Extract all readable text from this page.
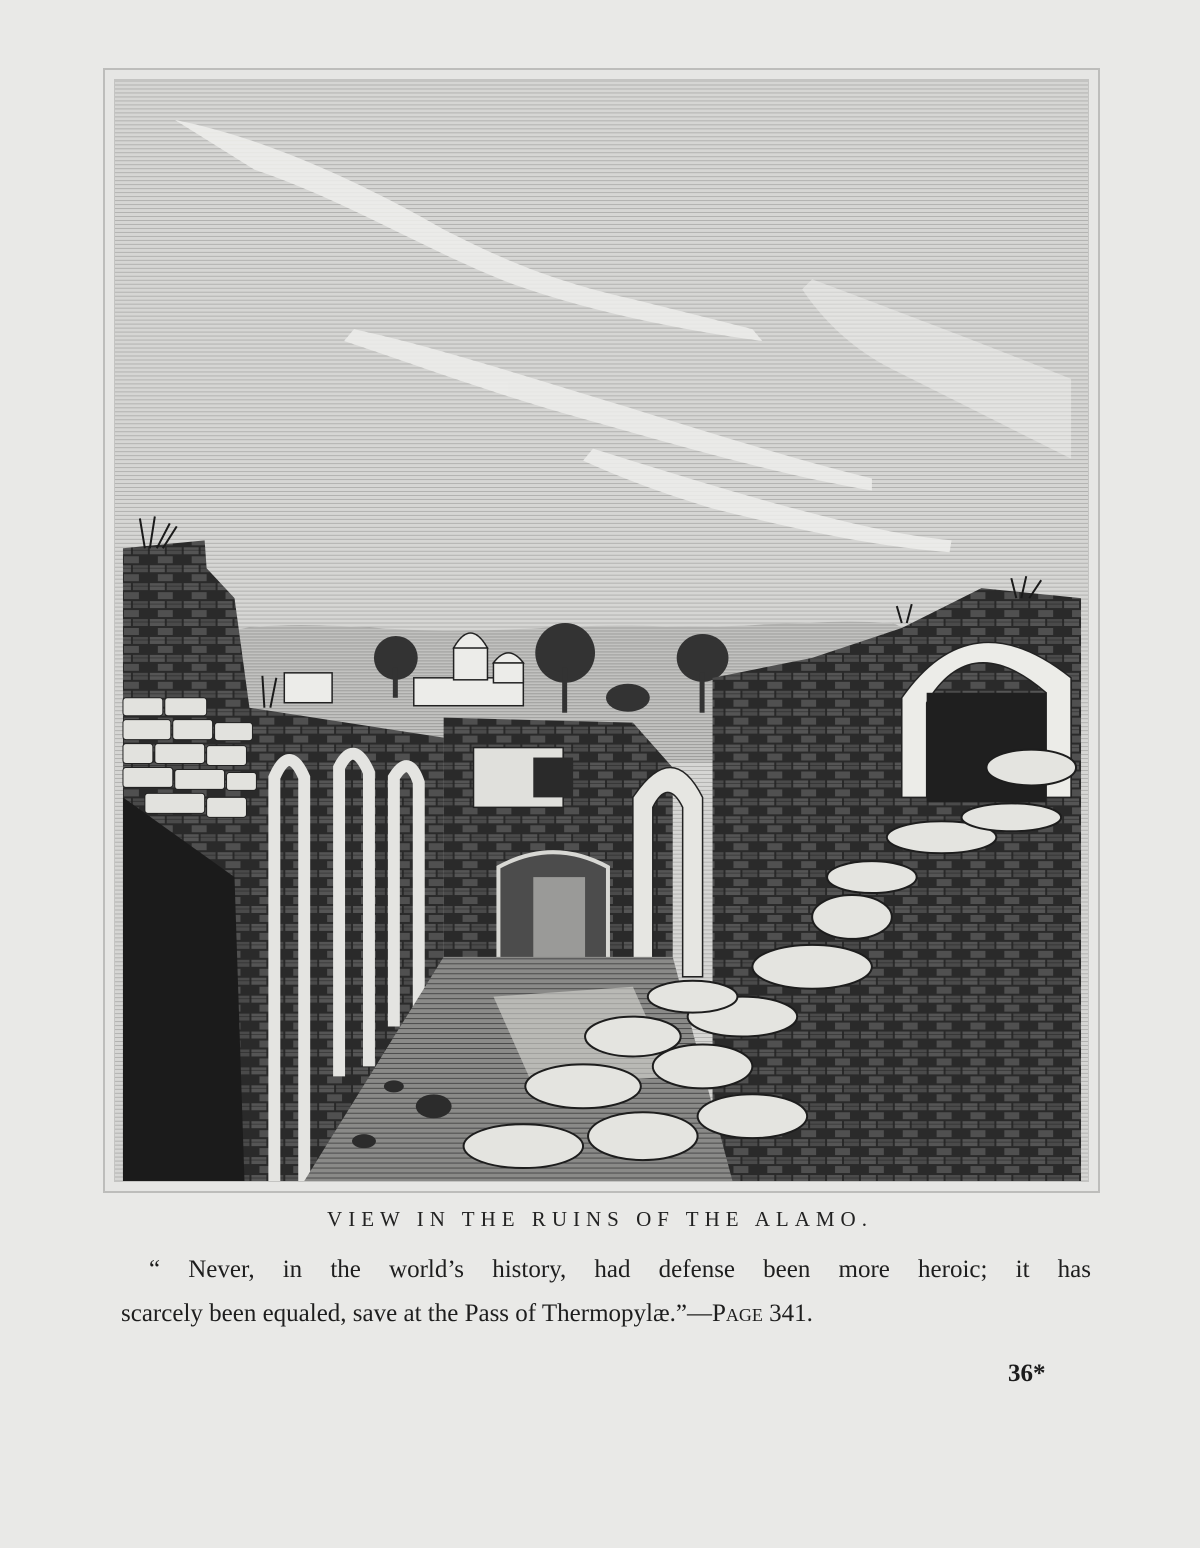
VIEW IN THE RUINS OF THE ALAMO.
“ Never, in the world’s history, had defense been more heroic; it has
scarcely been equaled, save at the Pass of Thermopylæ.”—Page 341.
36*
